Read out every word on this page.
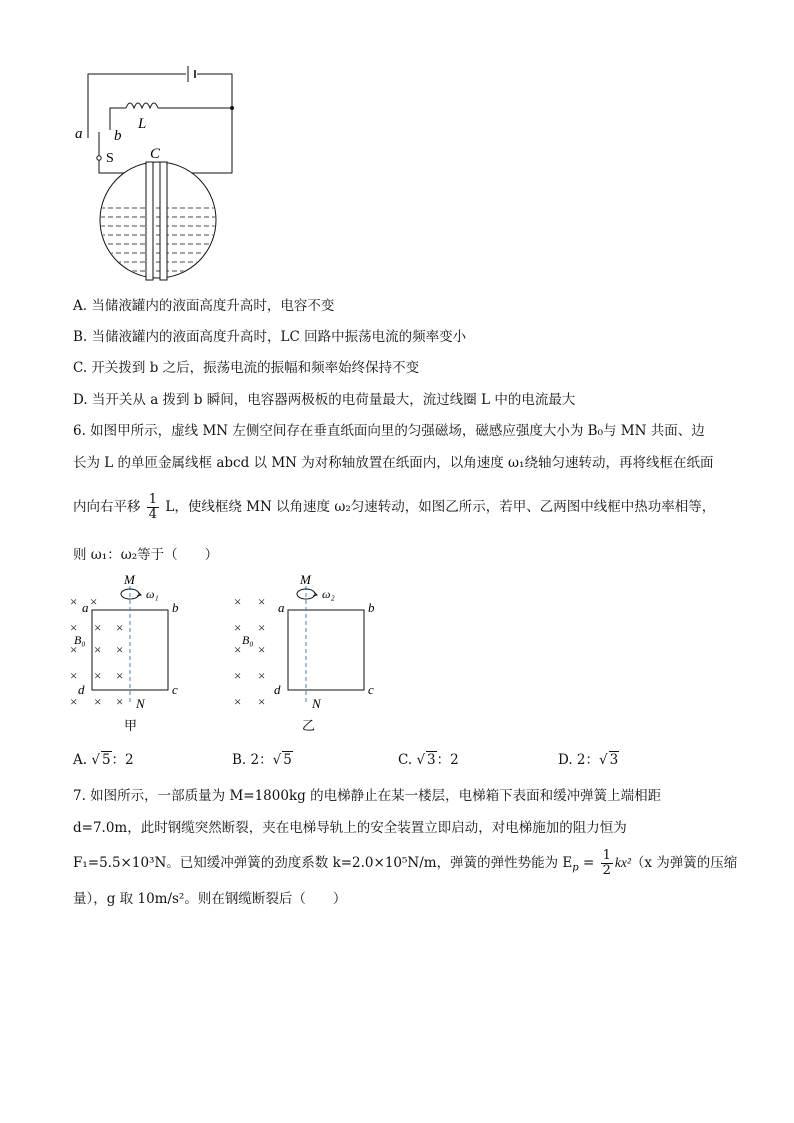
a b
S C
L
A. 当储液罐内的液面高度升高时，电容不变
B. 当储液罐内的液面高度升高时，LC 回路中振荡电流的频率变小
C. 开关拨到 b 之后，振荡电流的振幅和频率始终保持不变
D. 当开关从 a 拨到 b 瞬间，电容器两极板的电荷量最大，流过线圈 L 中的电流最大
6. 如图甲所示，虚线 MN 左侧空间存在垂直纸面向里的匀强磁场，磁感应强度大小为 B₀与 MN 共面、边
长为 L 的单匝金属线框 abcd 以 MN 为对称轴放置在纸面内，以角速度 ω₁绕轴匀速转动，再将线框在纸面
内向右平移 $\frac{1}{4}$ L，使线框绕 MN 以角速度 ω₂匀速转动，如图乙所示，若甲、乙两图中线框中热功率相等，
则 ω₁：ω₂等于（　　）
× ×
× ×
× × ×
× ×
×
× × ×
×
M
ω₁
a	b
c
d
B₀
N
甲
× ×
× ×
× ×
× ×
× ×
M
ω₂
a	b
c
d
B₀
N
乙
A. √ 5：2	B. 2：√ 5	C. √ 3：2	D. 2：√ 3
7. 如图所示，一部质量为 M=1800kg 的电梯静止在某一楼层，电梯箱下表面和缓冲弹簧上端相距
d=7.0m，此时钢缆突然断裂，夹在电梯导轨上的安全装置立即启动，对电梯施加的阻力恒为
F₁=5.5×10³N。已知缓冲弹簧的劲度系数 k=2.0×10⁵N/m，弹簧的弹性势能为 $E_p = \frac{1}{2} kx^2(x$ 为弹簧的压缩
量），g 取 10m/s²。则在钢缆断裂后（　　）
